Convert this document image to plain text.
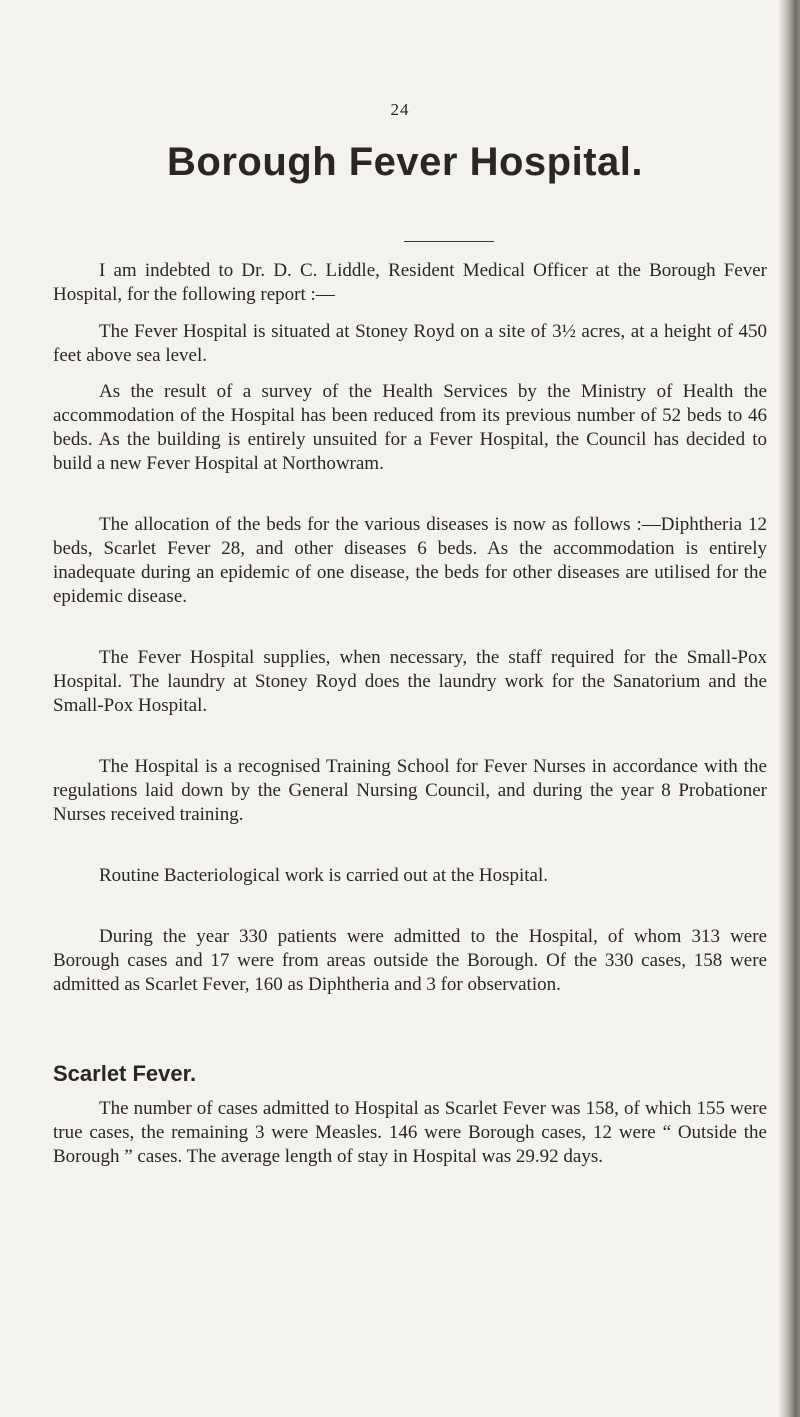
24
Borough Fever Hospital.

I am indebted to Dr. D. C. Liddle, Resident Medical Officer at the Borough Fever Hospital, for the following report :—

The Fever Hospital is situated at Stoney Royd on a site of 3½ acres, at a height of 450 feet above sea level.

As the result of a survey of the Health Services by the Ministry of Health the accommodation of the Hospital has been reduced from its previous number of 52 beds to 46 beds. As the building is entirely unsuited for a Fever Hospital, the Council has decided to build a new Fever Hospital at Northowram.

The allocation of the beds for the various diseases is now as follows :—Diphtheria 12 beds, Scarlet Fever 28, and other diseases 6 beds. As the accommodation is entirely inadequate during an epidemic of one disease, the beds for other diseases are utilised for the epidemic disease.

The Fever Hospital supplies, when necessary, the staff required for the Small-Pox Hospital. The laundry at Stoney Royd does the laundry work for the Sanatorium and the Small-Pox Hospital.

The Hospital is a recognised Training School for Fever Nurses in accordance with the regulations laid down by the General Nursing Council, and during the year 8 Probationer Nurses received training.

Routine Bacteriological work is carried out at the Hospital.

During the year 330 patients were admitted to the Hospital, of whom 313 were Borough cases and 17 were from areas outside the Borough. Of the 330 cases, 158 were admitted as Scarlet Fever, 160 as Diphtheria and 3 for observation.

Scarlet Fever.

The number of cases admitted to Hospital as Scarlet Fever was 158, of which 155 were true cases, the remaining 3 were Measles. 146 were Borough cases, 12 were “ Outside the Borough ” cases. The average length of stay in Hospital was 29.92 days.
